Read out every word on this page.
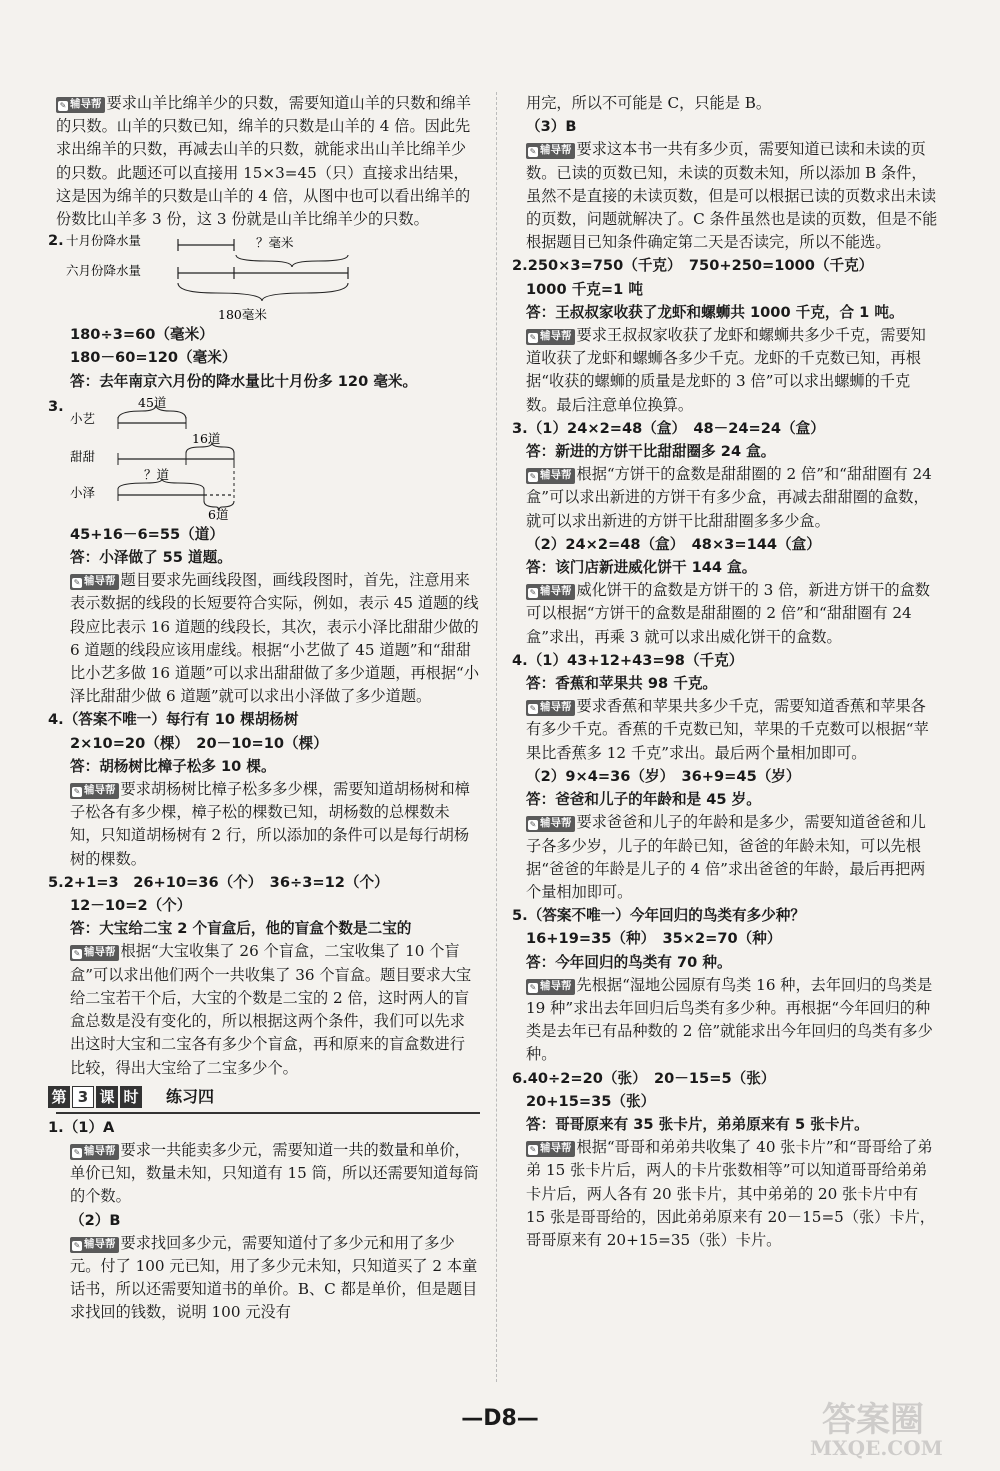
✎ 辅导帮 要求山羊比绵羊少的只数，需要知道山羊的只数和绵羊的只数。山羊的只数已知，绵羊的只数是山羊的 4 倍。因此先求出绵羊的只数，再减去山羊的只数，就能求出山羊比绵羊少的只数。此题还可以直接用 15×3=45（只）直接求出结果，这是因为绵羊的只数是山羊的 4 倍，从图中也可以看出绵羊的份数比山羊多 3 份，这 3 份就是山羊比绵羊少的只数。

2. 十月份降水量
六月份降水量
？毫米
180毫米

180÷3=60（毫米）

180－60=120（毫米）

答：去年南京六月份的降水量比十月份多 120 毫米。

3.
小艺
甜甜
小泽
45道
16道
？道
6道

45+16－6=55（道）

答：小泽做了 55 道题。

✎ 辅导帮 题目要求先画线段图，画线段图时，首先，注意用来表示数据的线段的长短要符合实际，例如，表示 45 道题的线段应比表示 16 道题的线段长，其次，表示小泽比甜甜少做的 6 道题的线段应该用虚线。根据“小艺做了 45 道题”和“甜甜比小艺多做 16 道题”可以求出甜甜做了多少道题，再根据“小泽比甜甜少做 6 道题”就可以求出小泽做了多少道题。

4.（答案不唯一）每行有 10 棵胡杨树

2×10=20（棵）　20－10=10（棵）

答：胡杨树比樟子松多 10 棵。

✎ 辅导帮 要求胡杨树比樟子松多多少棵，需要知道胡杨树和樟子松各有多少棵，樟子松的棵数已知，胡杨数的总棵数未知，只知道胡杨树有 2 行，所以添加的条件可以是每行胡杨树的棵数。

5.2+1=3　26+10=36（个）　36÷3=12（个）

12－10=2（个）

答：大宝给二宝 2 个盲盒后，他的盲盒个数是二宝的

✎ 辅导帮 根据“大宝收集了 26 个盲盒，二宝收集了 10 个盲盒”可以求出他们两个一共收集了 36 个盲盒。题目要求大宝给二宝若干个后，大宝的个数是二宝的 2 倍，这时两人的盲盒总数是没有变化的，所以根据这两个条件，我们可以先求出这时大宝和二宝各有多少个盲盒，再和原来的盲盒数进行比较，得出大宝给了二宝多少个。

第 3 课 时 练习四

1.（1）A

✎ 辅导帮 要求一共能卖多少元，需要知道一共的数量和单价，单价已知，数量未知，只知道有 15 筒，所以还需要知道每筒的个数。

（2）B

✎ 辅导帮 要求找回多少元，需要知道付了多少元和用了多少元。付了 100 元已知，用了多少元未知，只知道买了 2 本童话书，所以还需要知道书的单价。B、C 都是单价，但是题目求找回的钱数，说明 100 元没有

用完，所以不可能是 C，只能是 B。

（3）B

✎ 辅导帮 要求这本书一共有多少页，需要知道已读和未读的页数。已读的页数已知，未读的页数未知，所以添加 B 条件，虽然不是直接的未读页数，但是可以根据已读的页数求出未读的页数，问题就解决了。C 条件虽然也是读的页数，但是不能根据题目已知条件确定第二天是否读完，所以不能选。

2.250×3=750（千克）　750+250=1000（千克）

1000 千克=1 吨

答：王叔叔家收获了龙虾和螺蛳共 1000 千克，合 1 吨。

✎ 辅导帮 要求王叔叔家收获了龙虾和螺蛳共多少千克，需要知道收获了龙虾和螺蛳各多少千克。龙虾的千克数已知，再根据“收获的螺蛳的质量是龙虾的 3 倍”可以求出螺蛳的千克数。最后注意单位换算。

3.（1）24×2=48（盒）　48－24=24（盒）

答：新进的方饼干比甜甜圈多 24 盒。

✎ 辅导帮 根据“方饼干的盒数是甜甜圈的 2 倍”和“甜甜圈有 24 盒”可以求出新进的方饼干有多少盒，再减去甜甜圈的盒数，就可以求出新进的方饼干比甜甜圈多多少盒。

（2）24×2=48（盒）　48×3=144（盒）

答：该门店新进威化饼干 144 盒。

✎ 辅导帮 威化饼干的盒数是方饼干的 3 倍，新进方饼干的盒数可以根据“方饼干的盒数是甜甜圈的 2 倍”和“甜甜圈有 24 盒”求出，再乘 3 就可以求出威化饼干的盒数。

4.（1）43+12+43=98（千克）

答：香蕉和苹果共 98 千克。

✎ 辅导帮 要求香蕉和苹果共多少千克，需要知道香蕉和苹果各有多少千克。香蕉的千克数已知，苹果的千克数可以根据“苹果比香蕉多 12 千克”求出。最后两个量相加即可。

（2）9×4=36（岁）　36+9=45（岁）

答：爸爸和儿子的年龄和是 45 岁。

✎ 辅导帮 要求爸爸和儿子的年龄和是多少，需要知道爸爸和儿子各多少岁，儿子的年龄已知，爸爸的年龄未知，可以先根据“爸爸的年龄是儿子的 4 倍”求出爸爸的年龄，最后再把两个量相加即可。

5.（答案不唯一）今年回归的鸟类有多少种？

16+19=35（种）　35×2=70（种）

答：今年回归的鸟类有 70 种。

✎ 辅导帮 先根据“湿地公园原有鸟类 16 种，去年回归的鸟类是 19 种”求出去年回归后鸟类有多少种。再根据“今年回归的种类是去年已有品种数的 2 倍”就能求出今年回归的鸟类有多少种。

6.40÷2=20（张）　20－15=5（张）

20+15=35（张）

答：哥哥原来有 35 张卡片，弟弟原来有 5 张卡片。

✎ 辅导帮 根据“哥哥和弟弟共收集了 40 张卡片”和“哥哥给了弟弟 15 张卡片后，两人的卡片张数相等”可以知道哥哥给弟弟卡片后，两人各有 20 张卡片，其中弟弟的 20 张卡片中有 15 张是哥哥给的，因此弟弟原来有 20－15=5（张）卡片，哥哥原来有 20+15=35（张）卡片。

—D8—	答案圈
MXQE.COM
